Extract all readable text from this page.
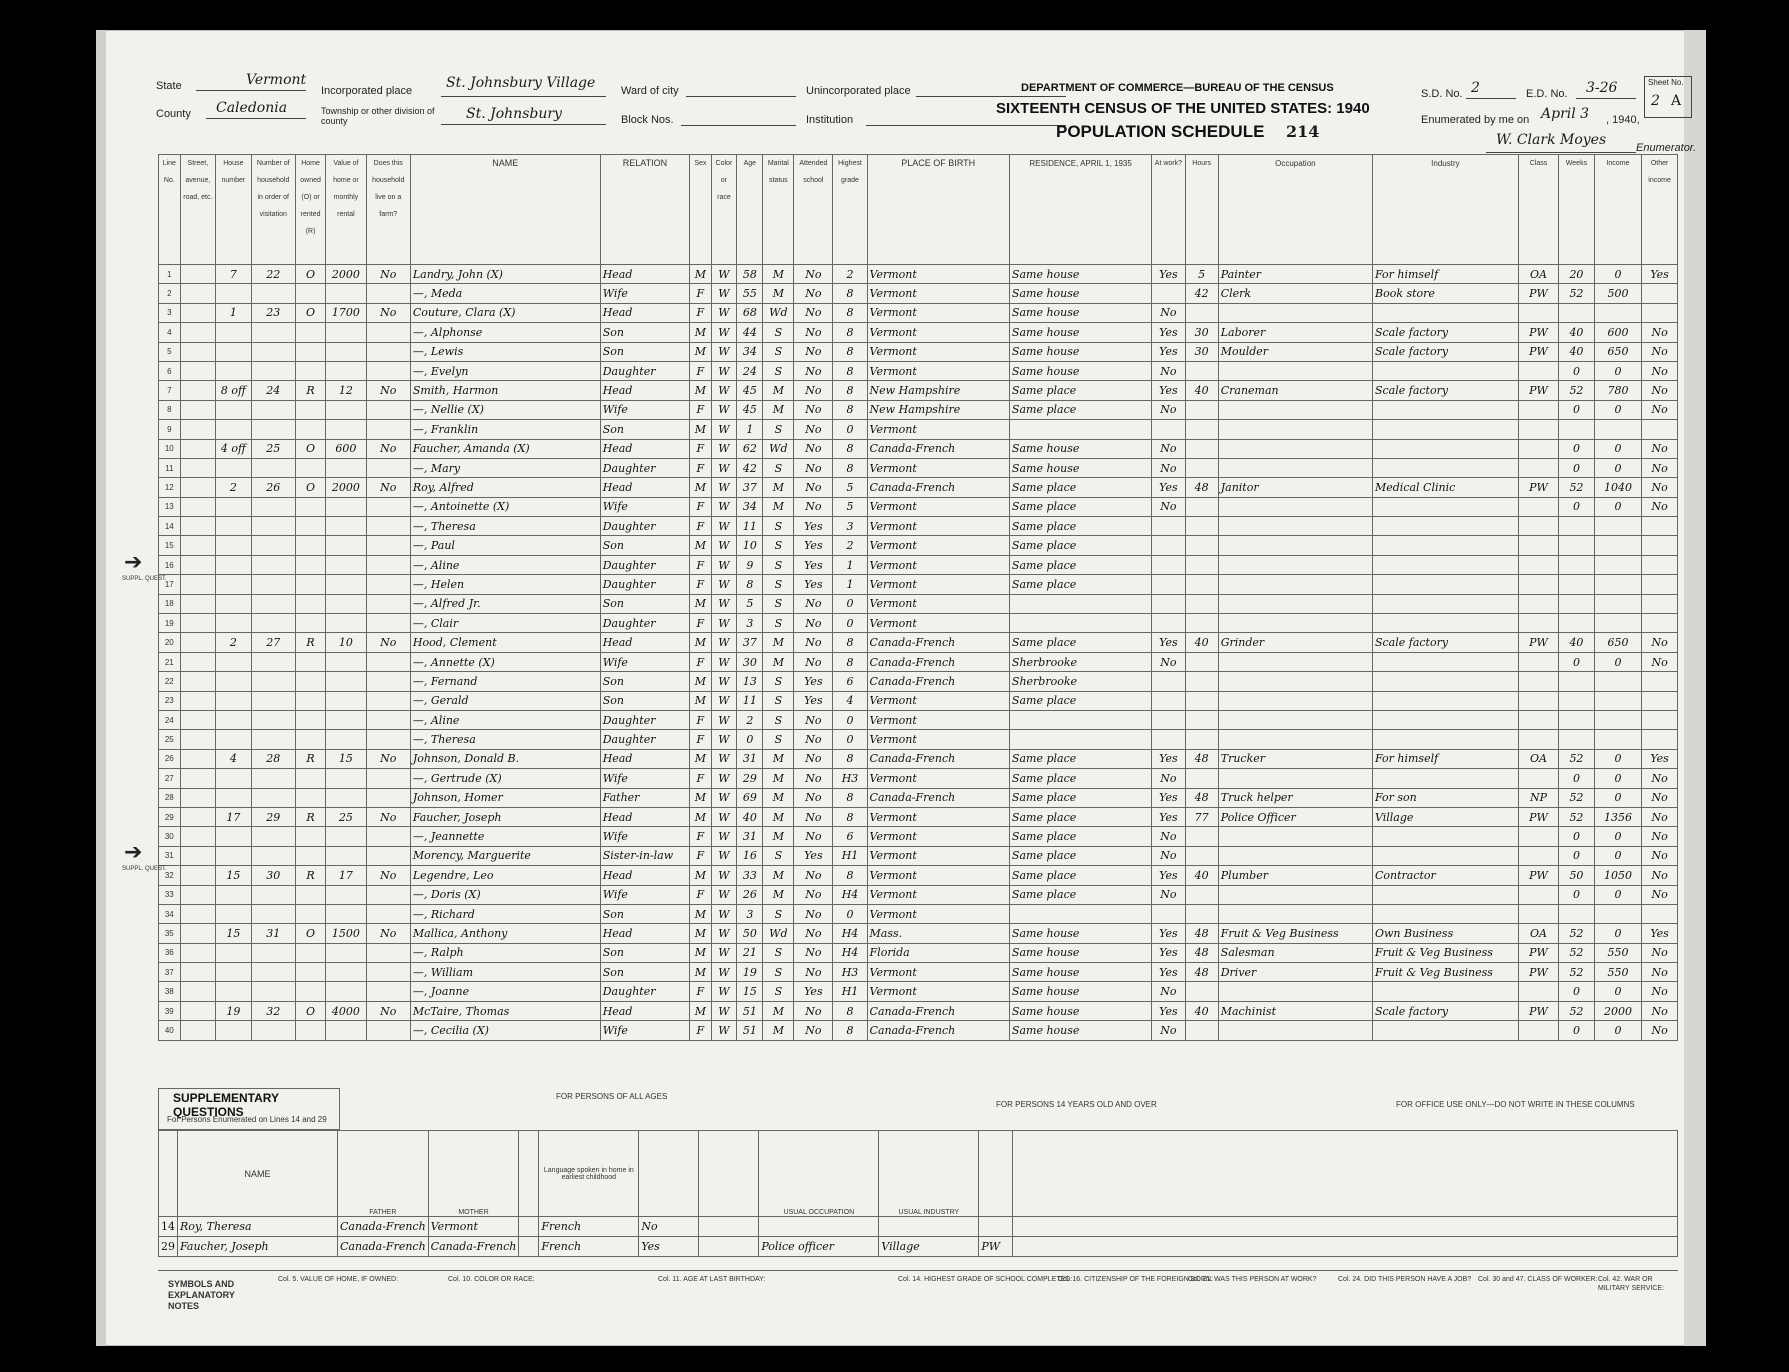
State	Vermont
County Caledonia
Incorporated place St. Johnsbury Village
Township or other division of county	St. Johnsbury
Ward of city
Block Nos.
Unincorporated place
Institution
DEPARTMENT OF COMMERCE—BUREAU OF THE CENSUS
SIXTEENTH CENSUS OF THE UNITED STATES: 1940
POPULATION SCHEDULE 214
S.D. No. 2	E.D. No. 3-26	Sheet No.
2 A
Enumerated by me on April 3 , 1940,
W. Clark Moyes	Enumerator.
Line No.	Street, avenue, road, etc.	House number	Number of household in order of visitation	Home owned (O) or rented (R)	Value of home or monthly rental	Does this household live on a farm?	NAME	RELATION	Sex	Color or race	Age	Marital status	Attended school	Highest grade	PLACE OF BIRTH	RESIDENCE, APRIL 1, 1935	At work?	Hours	Occupation	Industry	Class	Weeks	Income	Other income
1		7	22	O	2000	No	Landry, John (X)	Head	M	W	58	M	No	2	Vermont	Same house	Yes	5	Painter	For himself	OA	20	0	Yes
2							—, Meda	Wife	F	W	55	M	No	8	Vermont	Same house		42	Clerk	Book store	PW	52	500	
3		1	23	O	1700	No	Couture, Clara (X)	Head	F	W	68	Wd	No	8	Vermont	Same house	No							
4							—, Alphonse	Son	M	W	44	S	No	8	Vermont	Same house	Yes	30	Laborer	Scale factory	PW	40	600	No
5							—, Lewis	Son	M	W	34	S	No	8	Vermont	Same house	Yes	30	Moulder	Scale factory	PW	40	650	No
6							—, Evelyn	Daughter	F	W	24	S	No	8	Vermont	Same house	No					0	0	No
7		8 off	24	R	12	No	Smith, Harmon	Head	M	W	45	M	No	8	New Hampshire	Same place	Yes	40	Craneman	Scale factory	PW	52	780	No
8							—, Nellie (X)	Wife	F	W	45	M	No	8	New Hampshire	Same place	No					0	0	No
9							—, Franklin	Son	M	W	1	S	No	0	Vermont									
10		4 off	25	O	600	No	Faucher, Amanda (X)	Head	F	W	62	Wd	No	8	Canada-French	Same house	No					0	0	No
11							—, Mary	Daughter	F	W	42	S	No	8	Vermont	Same house	No					0	0	No
12		2	26	O	2000	No	Roy, Alfred	Head	M	W	37	M	No	5	Canada-French	Same place	Yes	48	Janitor	Medical Clinic	PW	52	1040	No
13							—, Antoinette (X)	Wife	F	W	34	M	No	5	Vermont	Same place	No					0	0	No
14							—, Theresa	Daughter	F	W	11	S	Yes	3	Vermont	Same place								
15							—, Paul	Son	M	W	10	S	Yes	2	Vermont	Same place								
16							—, Aline	Daughter	F	W	9	S	Yes	1	Vermont	Same place								
17							—, Helen	Daughter	F	W	8	S	Yes	1	Vermont	Same place								
18							—, Alfred Jr.	Son	M	W	5	S	No	0	Vermont									
19							—, Clair	Daughter	F	W	3	S	No	0	Vermont									
20		2	27	R	10	No	Hood, Clement	Head	M	W	37	M	No	8	Canada-French	Same place	Yes	40	Grinder	Scale factory	PW	40	650	No
21							—, Annette (X)	Wife	F	W	30	M	No	8	Canada-French	Sherbrooke	No					0	0	No
22							—, Fernand	Son	M	W	13	S	Yes	6	Canada-French	Sherbrooke								
23							—, Gerald	Son	M	W	11	S	Yes	4	Vermont	Same place								
24							—, Aline	Daughter	F	W	2	S	No	0	Vermont									
25							—, Theresa	Daughter	F	W	0	S	No	0	Vermont									
26		4	28	R	15	No	Johnson, Donald B.	Head	M	W	31	M	No	8	Canada-French	Same place	Yes	48	Trucker	For himself	OA	52	0	Yes
27							—, Gertrude (X)	Wife	F	W	29	M	No	H3	Vermont	Same place	No					0	0	No
28							Johnson, Homer	Father	M	W	69	M	No	8	Canada-French	Same place	Yes	48	Truck helper	For son	NP	52	0	No
29		17	29	R	25	No	Faucher, Joseph	Head	M	W	40	M	No	8	Vermont	Same place	Yes	77	Police Officer	Village	PW	52	1356	No
30							—, Jeannette	Wife	F	W	31	M	No	6	Vermont	Same place	No					0	0	No
31							Morency, Marguerite	Sister-in-law	F	W	16	S	Yes	H1	Vermont	Same place	No					0	0	No
32		15	30	R	17	No	Legendre, Leo	Head	M	W	33	M	No	8	Vermont	Same place	Yes	40	Plumber	Contractor	PW	50	1050	No
33							—, Doris (X)	Wife	F	W	26	M	No	H4	Vermont	Same place	No					0	0	No
34							—, Richard	Son	M	W	3	S	No	0	Vermont									
35		15	31	O	1500	No	Mallica, Anthony	Head	M	W	50	Wd	No	H4	Mass.	Same house	Yes	48	Fruit & Veg Business	Own Business	OA	52	0	Yes
36							—, Ralph	Son	M	W	21	S	No	H4	Florida	Same house	Yes	48	Salesman	Fruit & Veg Business	PW	52	550	No
37							—, William	Son	M	W	19	S	No	H3	Vermont	Same house	Yes	48	Driver	Fruit & Veg Business	PW	52	550	No
38							—, Joanne	Daughter	F	W	15	S	Yes	H1	Vermont	Same house	No					0	0	No
39		19	32	O	4000	No	McTaire, Thomas	Head	M	W	51	M	No	8	Canada-French	Same house	Yes	40	Machinist	Scale factory	PW	52	2000	No
40							—, Cecilia (X)	Wife	F	W	51	M	No	8	Canada-French	Same house	No					0	0	No
➔
SUPPL. QUEST.
➔
SUPPL. QUEST.
SUPPLEMENTARY QUESTIONS
For Persons Enumerated on Lines 14 and 29
FOR PERSONS OF ALL AGES
FOR PERSONS 14 YEARS OLD AND OVER	FOR OFFICE USE ONLY—DO NOT WRITE IN THESE COLUMNS
	NAME	FATHER	MOTHER		Language spoken in home in earliest childhood			USUAL OCCUPATION	USUAL INDUSTRY		
14	Roy, Theresa	Canada-French	Vermont		French	No					
29	Faucher, Joseph	Canada-French	Canada-French		French	Yes		Police officer	Village	PW	
SYMBOLS AND EXPLANATORY NOTES
Col. 5. VALUE OF HOME, IF OWNED:	Col. 10. COLOR OR RACE:	Col. 11. AGE AT LAST BIRTHDAY:	Col. 14. HIGHEST GRADE OF SCHOOL COMPLETED:
Col. 16. CITIZENSHIP OF THE FOREIGN BORN:
Col. 21. WAS THIS PERSON AT WORK?	Col. 24. DID THIS PERSON HAVE A JOB? Col. 30 and 47. CLASS OF WORKER: Col. 42. WAR OR MILITARY SERVICE:
